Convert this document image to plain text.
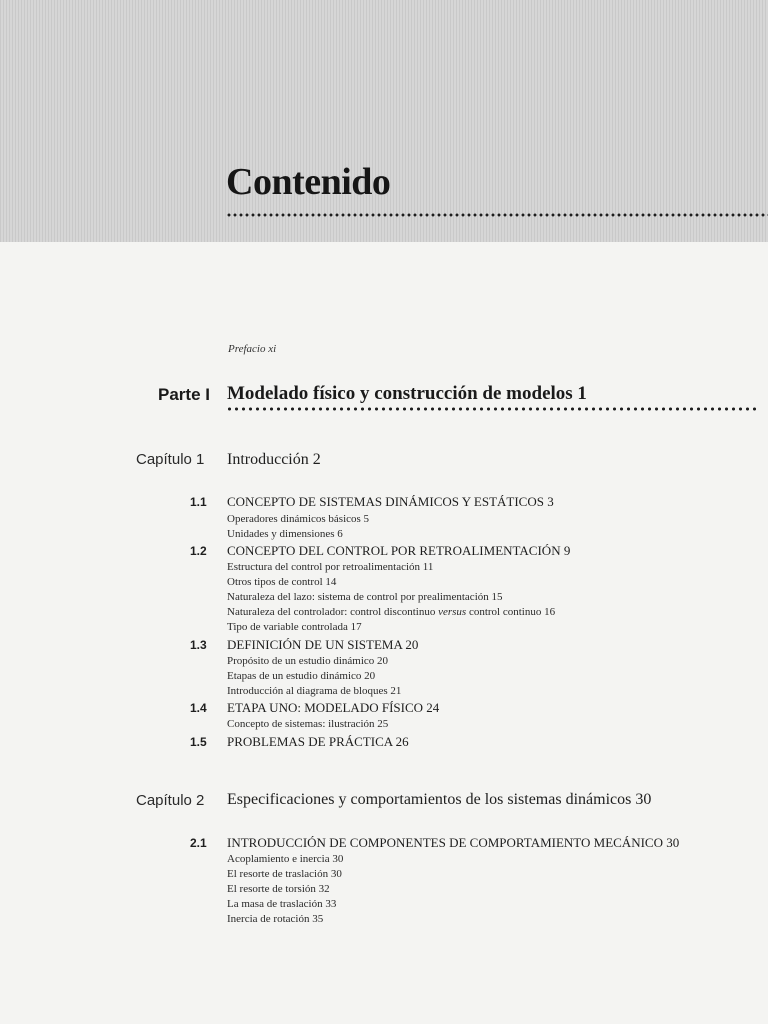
Contenido
Prefacio xi
Parte I Modelado físico y construcción de modelos 1
Capítulo 1 Introducción 2
1.1 CONCEPTO DE SISTEMAS DINÁMICOS Y ESTÁTICOS 3
Operadores dinámicos básicos 5
Unidades y dimensiones 6
1.2 CONCEPTO DEL CONTROL POR RETROALIMENTACIÓN 9
Estructura del control por retroalimentación 11
Otros tipos de control 14
Naturaleza del lazo: sistema de control por prealimentación 15
Naturaleza del controlador: control discontinuo versus control continuo 16
Tipo de variable controlada 17
1.3 DEFINICIÓN DE UN SISTEMA 20
Propósito de un estudio dinámico 20
Etapas de un estudio dinámico 20
Introducción al diagrama de bloques 21
1.4 ETAPA UNO: MODELADO FÍSICO 24
Concepto de sistemas: ilustración 25
1.5 PROBLEMAS DE PRÁCTICA 26
Capítulo 2 Especificaciones y comportamientos de los sistemas dinámicos 30
2.1 INTRODUCCIÓN DE COMPONENTES DE COMPORTAMIENTO MECÁNICO 30
Acoplamiento e inercia 30
El resorte de traslación 30
El resorte de torsión 32
La masa de traslación 33
Inercia de rotación 35
